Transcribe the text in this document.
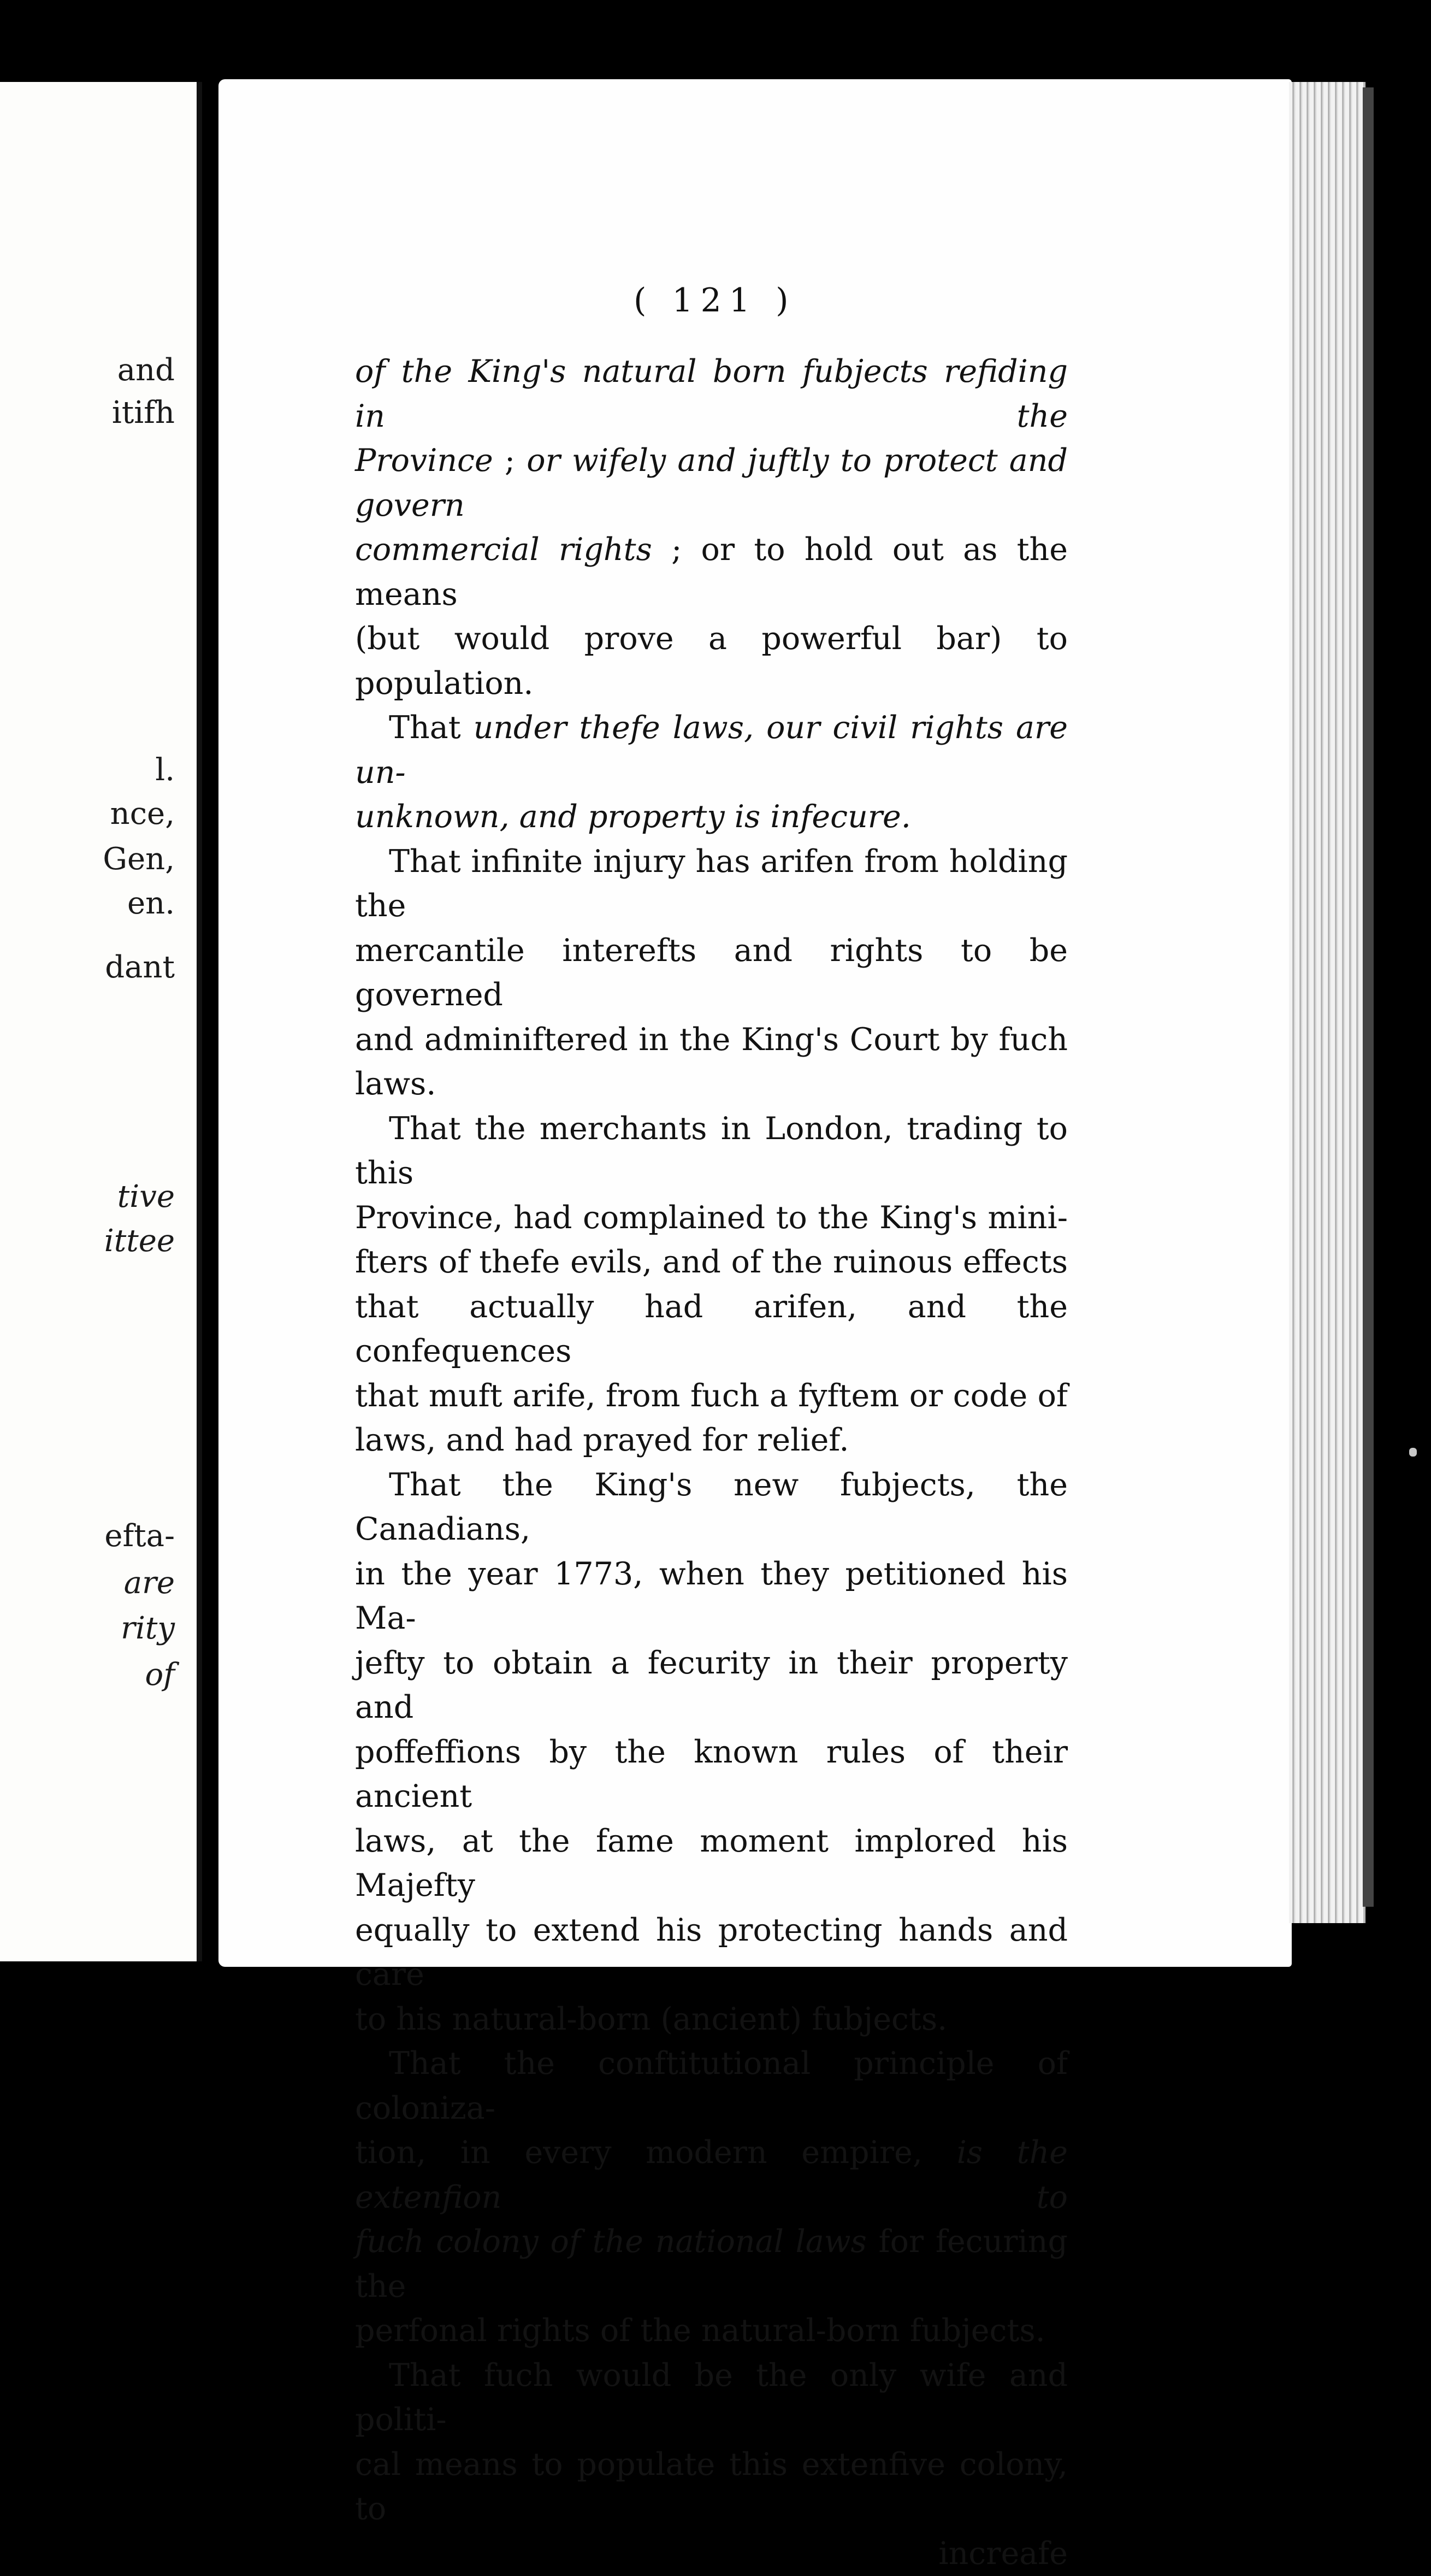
and
itifh
l.
nce,
Gen,
en.
dant
tive
ittee
efta-
are
rity
of
( 121 )

of the King's natural born fubjects refiding in the

Province ; or wifely and juftly to protect and govern

commercial rights ; or to hold out as the means

(but would prove a powerful bar) to population.

That under thefe laws, our civil rights are un-

unknown, and property is infecure.

That infinite injury has arifen from holding the

mercantile interefts and rights to be governed

and adminiftered in the King's Court by fuch

laws.

That the merchants in London, trading to this

Province, had complained to the King's mini-

fters of thefe evils, and of the ruinous effects

that actually had arifen, and the confequences

that muft arife, from fuch a fyftem or code of

laws, and had prayed for relief.

That the King's new fubjects, the Canadians,

in the year 1773, when they petitioned his Ma-

jefty to obtain a fecurity in their property and

poffeffions by the known rules of their ancient

laws, at the fame moment implored his Majefty

equally to extend his protecting hands and care

to his natural-born (ancient) fubjects.

That the conftitutional principle of coloniza-

tion, in every modern empire, is the extenfion to

fuch colony of the national laws for fecuring the

perfonal rights of the natural-born fubjects.

That fuch would be the only wife and politi-

cal means to populate this extenfive colony, to

increafe
